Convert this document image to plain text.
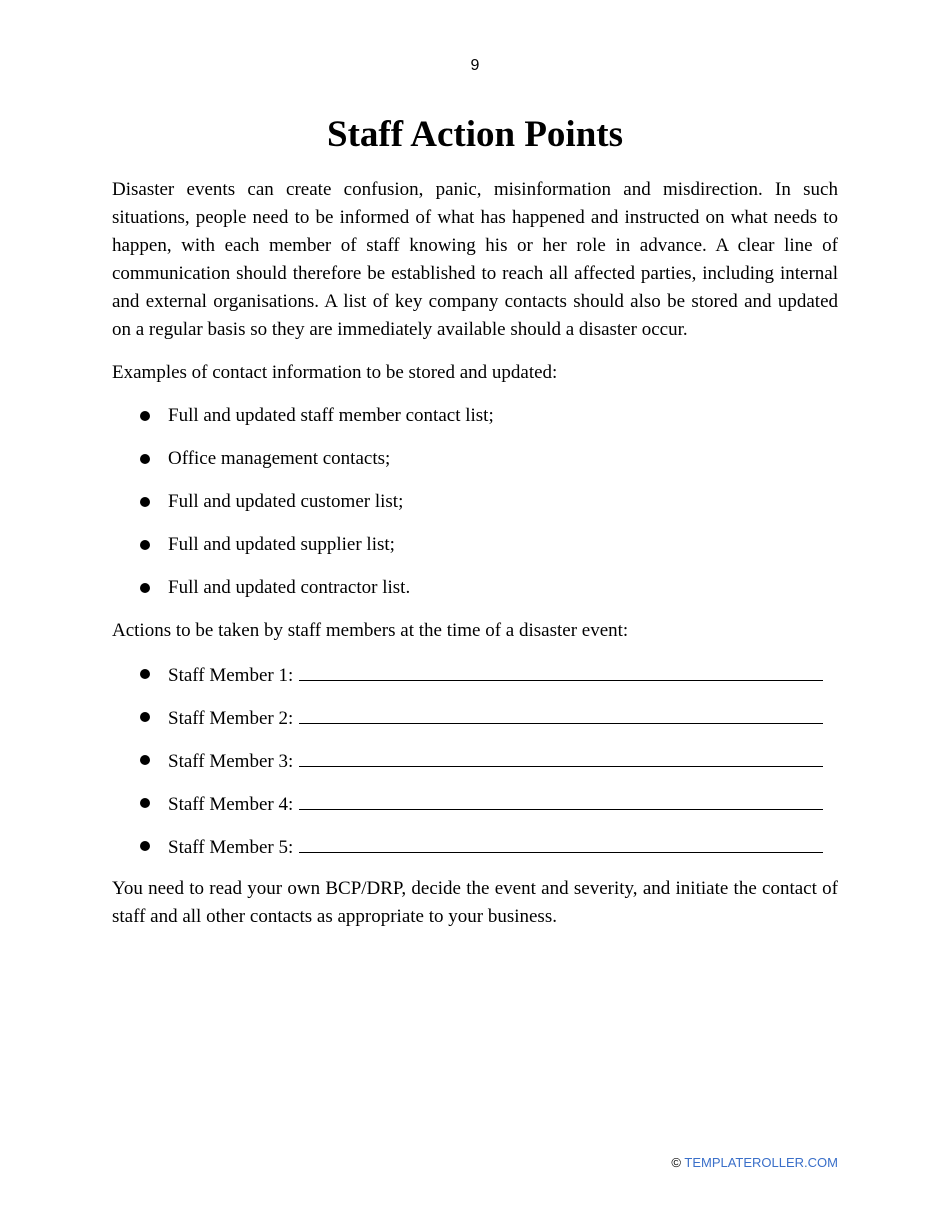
9
Staff Action Points

Disaster events can create confusion, panic, misinformation and misdirection. In such situations, people need to be informed of what has happened and instructed on what needs to happen, with each member of staff knowing his or her role in advance. A clear line of communication should therefore be established to reach all affected parties, including internal and external organisations. A list of key company contacts should also be stored and updated on a regular basis so they are immediately available should a disaster occur.

Examples of contact information to be stored and updated:

Full and updated staff member contact list;
Office management contacts;
Full and updated customer list;
Full and updated supplier list;
Full and updated contractor list.

Actions to be taken by staff members at the time of a disaster event:

Staff Member 1:
Staff Member 2:
Staff Member 3:
Staff Member 4:
Staff Member 5:

You need to read your own BCP/DRP, decide the event and severity, and initiate the contact of staff and all other contacts as appropriate to your business.

© TEMPLATEROLLER.COM
